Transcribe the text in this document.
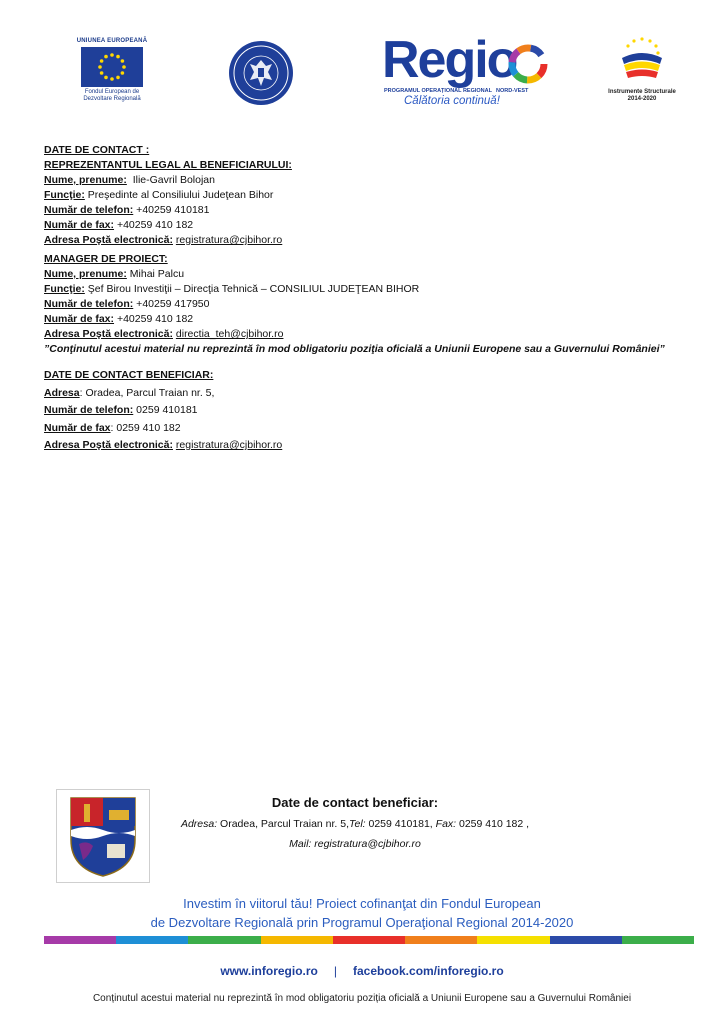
UNIUNEA EUROPEANĂ
Fondul European de
Dezvoltare Regională
Regio
PROGRAMUL OPERAȚIONAL REGIONAL NORD-VEST
Călătoria continuă!
Instrumente Structurale
2014-2020
DATE DE CONTACT :
REPREZENTANTUL LEGAL AL BENEFICIARULUI:
Nume, prenume:  Ilie-Gavril Bolojan
Funcţie: Preşedinte al Consiliului Judeţean Bihor
Număr de telefon: +40259 410181
Număr de fax: +40259 410 182
Adresa Poştă electronică: registratura@cjbihor.ro
MANAGER DE PROIECT:
Nume, prenume: Mihai Palcu
Funcţie: Şef Birou Investiţii – Direcţia Tehnică – CONSILIUL JUDEŢEAN BIHOR
Număr de telefon: +40259 417950
Număr de fax: +40259 410 182
Adresa Poştă electronică: directia_teh@cjbihor.ro
”Conţinutul acestui material nu reprezintă în mod obligatoriu poziţia oficială a Uniunii Europene sau a Guvernului României”
DATE DE CONTACT BENEFICIAR:
Adresa: Oradea, Parcul Traian nr. 5,
Număr de telefon: 0259 410181
Număr de fax: 0259 410 182
Adresa Poştă electronică: registratura@cjbihor.ro
Date de contact beneficiar:
Adresa: Oradea, Parcul Traian nr. 5,Tel: 0259 410181, Fax: 0259 410 182 ,
Mail: registratura@cjbihor.ro
Investim în viitorul tău! Proiect cofinanţat din Fondul European
de Dezvoltare Regională prin Programul Operaţional Regional 2014-2020
www.inforegio.ro | facebook.com/inforegio.ro
Conținutul acestui material nu reprezintă în mod obligatoriu poziția oficială a Uniunii Europene sau a Guvernului României
